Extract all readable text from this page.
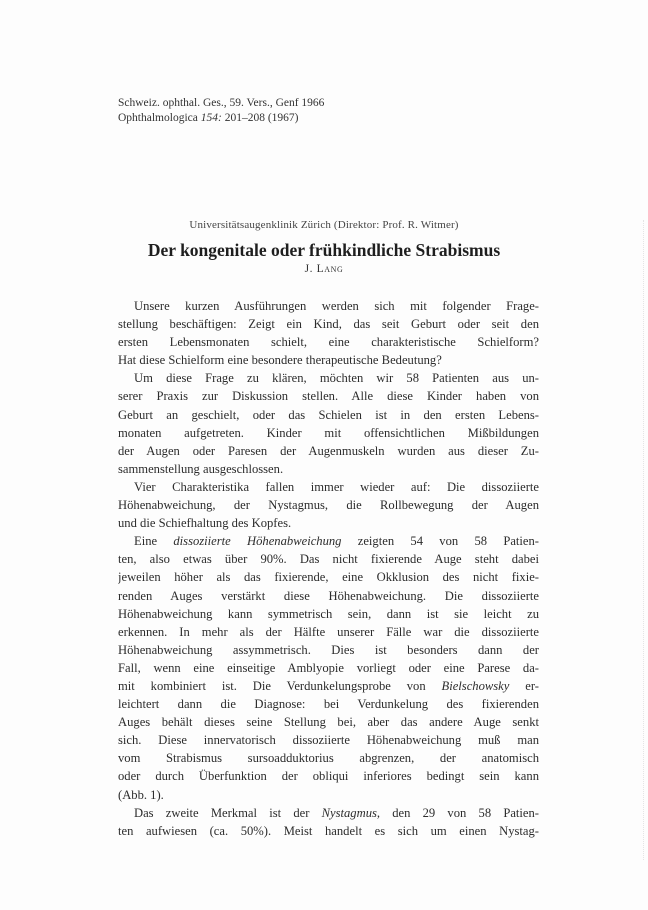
Schweiz. ophthal. Ges., 59. Vers., Genf 1966
Ophthalmologica 154: 201–208 (1967)
Universitätsaugenklinik Zürich (Direktor: Prof. R. Witmer)
Der kongenitale oder frühkindliche Strabismus
J. Lang
Unsere kurzen Ausführungen werden sich mit folgender Frage-
stellung beschäftigen: Zeigt ein Kind, das seit Geburt oder seit den
ersten Lebensmonaten schielt, eine charakteristische Schielform?
Hat diese Schielform eine besondere therapeutische Bedeutung?
Um diese Frage zu klären, möchten wir 58 Patienten aus un-
serer Praxis zur Diskussion stellen. Alle diese Kinder haben von
Geburt an geschielt, oder das Schielen ist in den ersten Lebens-
monaten aufgetreten. Kinder mit offensichtlichen Mißbildungen
der Augen oder Paresen der Augenmuskeln wurden aus dieser Zu-
sammenstellung ausgeschlossen.
Vier Charakteristika fallen immer wieder auf: Die dissoziierte
Höhenabweichung, der Nystagmus, die Rollbewegung der Augen
und die Schiefhaltung des Kopfes.
Eine dissoziierte Höhenabweichung zeigten 54 von 58 Patien-
ten, also etwas über 90%. Das nicht fixierende Auge steht dabei
jeweilen höher als das fixierende, eine Okklusion des nicht fixie-
renden Auges verstärkt diese Höhenabweichung. Die dissoziierte
Höhenabweichung kann symmetrisch sein, dann ist sie leicht zu
erkennen. In mehr als der Hälfte unserer Fälle war die dissoziierte
Höhenabweichung assymmetrisch. Dies ist besonders dann der
Fall, wenn eine einseitige Amblyopie vorliegt oder eine Parese da-
mit kombiniert ist. Die Verdunkelungsprobe von Bielschowsky er-
leichtert dann die Diagnose: bei Verdunkelung des fixierenden
Auges behält dieses seine Stellung bei, aber das andere Auge senkt
sich. Diese innervatorisch dissoziierte Höhenabweichung muß man
vom Strabismus sursoadduktorius abgrenzen, der anatomisch
oder durch Überfunktion der obliqui inferiores bedingt sein kann
(Abb. 1).
Das zweite Merkmal ist der Nystagmus, den 29 von 58 Patien-
ten aufwiesen (ca. 50%). Meist handelt es sich um einen Nystag-
